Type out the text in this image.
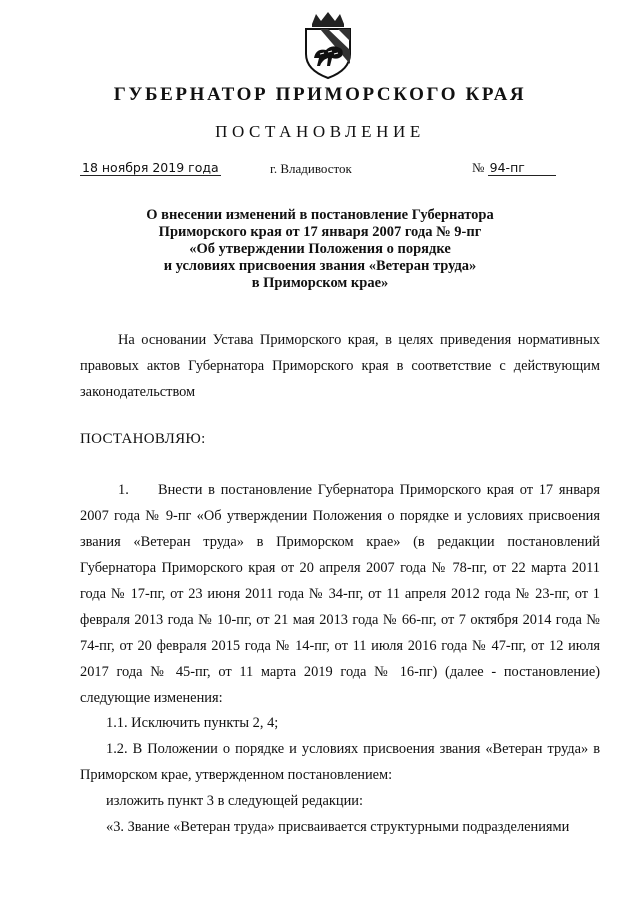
ГУБЕРНАТОР ПРИМОРСКОГО КРАЯ
ПОСТАНОВЛЕНИЕ
18 ноября 2019 года	г. Владивосток	№ 94-пг
О внесении изменений в постановление Губернатора
Приморского края от 17 января 2007 года № 9-пг
«Об утверждении Положения о порядке
и условиях присвоения звания «Ветеран труда»
в Приморском крае»
На основании Устава Приморского края, в целях приведения нормативных правовых актов Губернатора Приморского края в соответствие с действующим законодательством
ПОСТАНОВЛЯЮ:
1. Внести в постановление Губернатора Приморского края от 17 января 2007 года № 9-пг «Об утверждении Положения о порядке и условиях присвоения звания «Ветеран труда» в Приморском крае» (в редакции постановлений Губернатора Приморского края от 20 апреля 2007 года № 78-пг, от 22 марта 2011 года № 17-пг, от 23 июня 2011 года № 34-пг, от 11 апреля 2012 года № 23-пг, от 1 февраля 2013 года № 10-пг, от 21 мая 2013 года № 66-пг, от 7 октября 2014 года № 74-пг, от 20 февраля 2015 года № 14-пг, от 11 июля 2016 года № 47-пг, от 12 июля 2017 года № 45-пг, от 11 марта 2019 года № 16-пг) (далее - постановление) следующие изменения:
1.1. Исключить пункты 2, 4;
1.2. В Положении о порядке и условиях присвоения звания «Ветеран труда» в Приморском крае, утвержденном постановлением:
изложить пункт 3 в следующей редакции:
«3. Звание «Ветеран труда» присваивается структурными подразделениями
